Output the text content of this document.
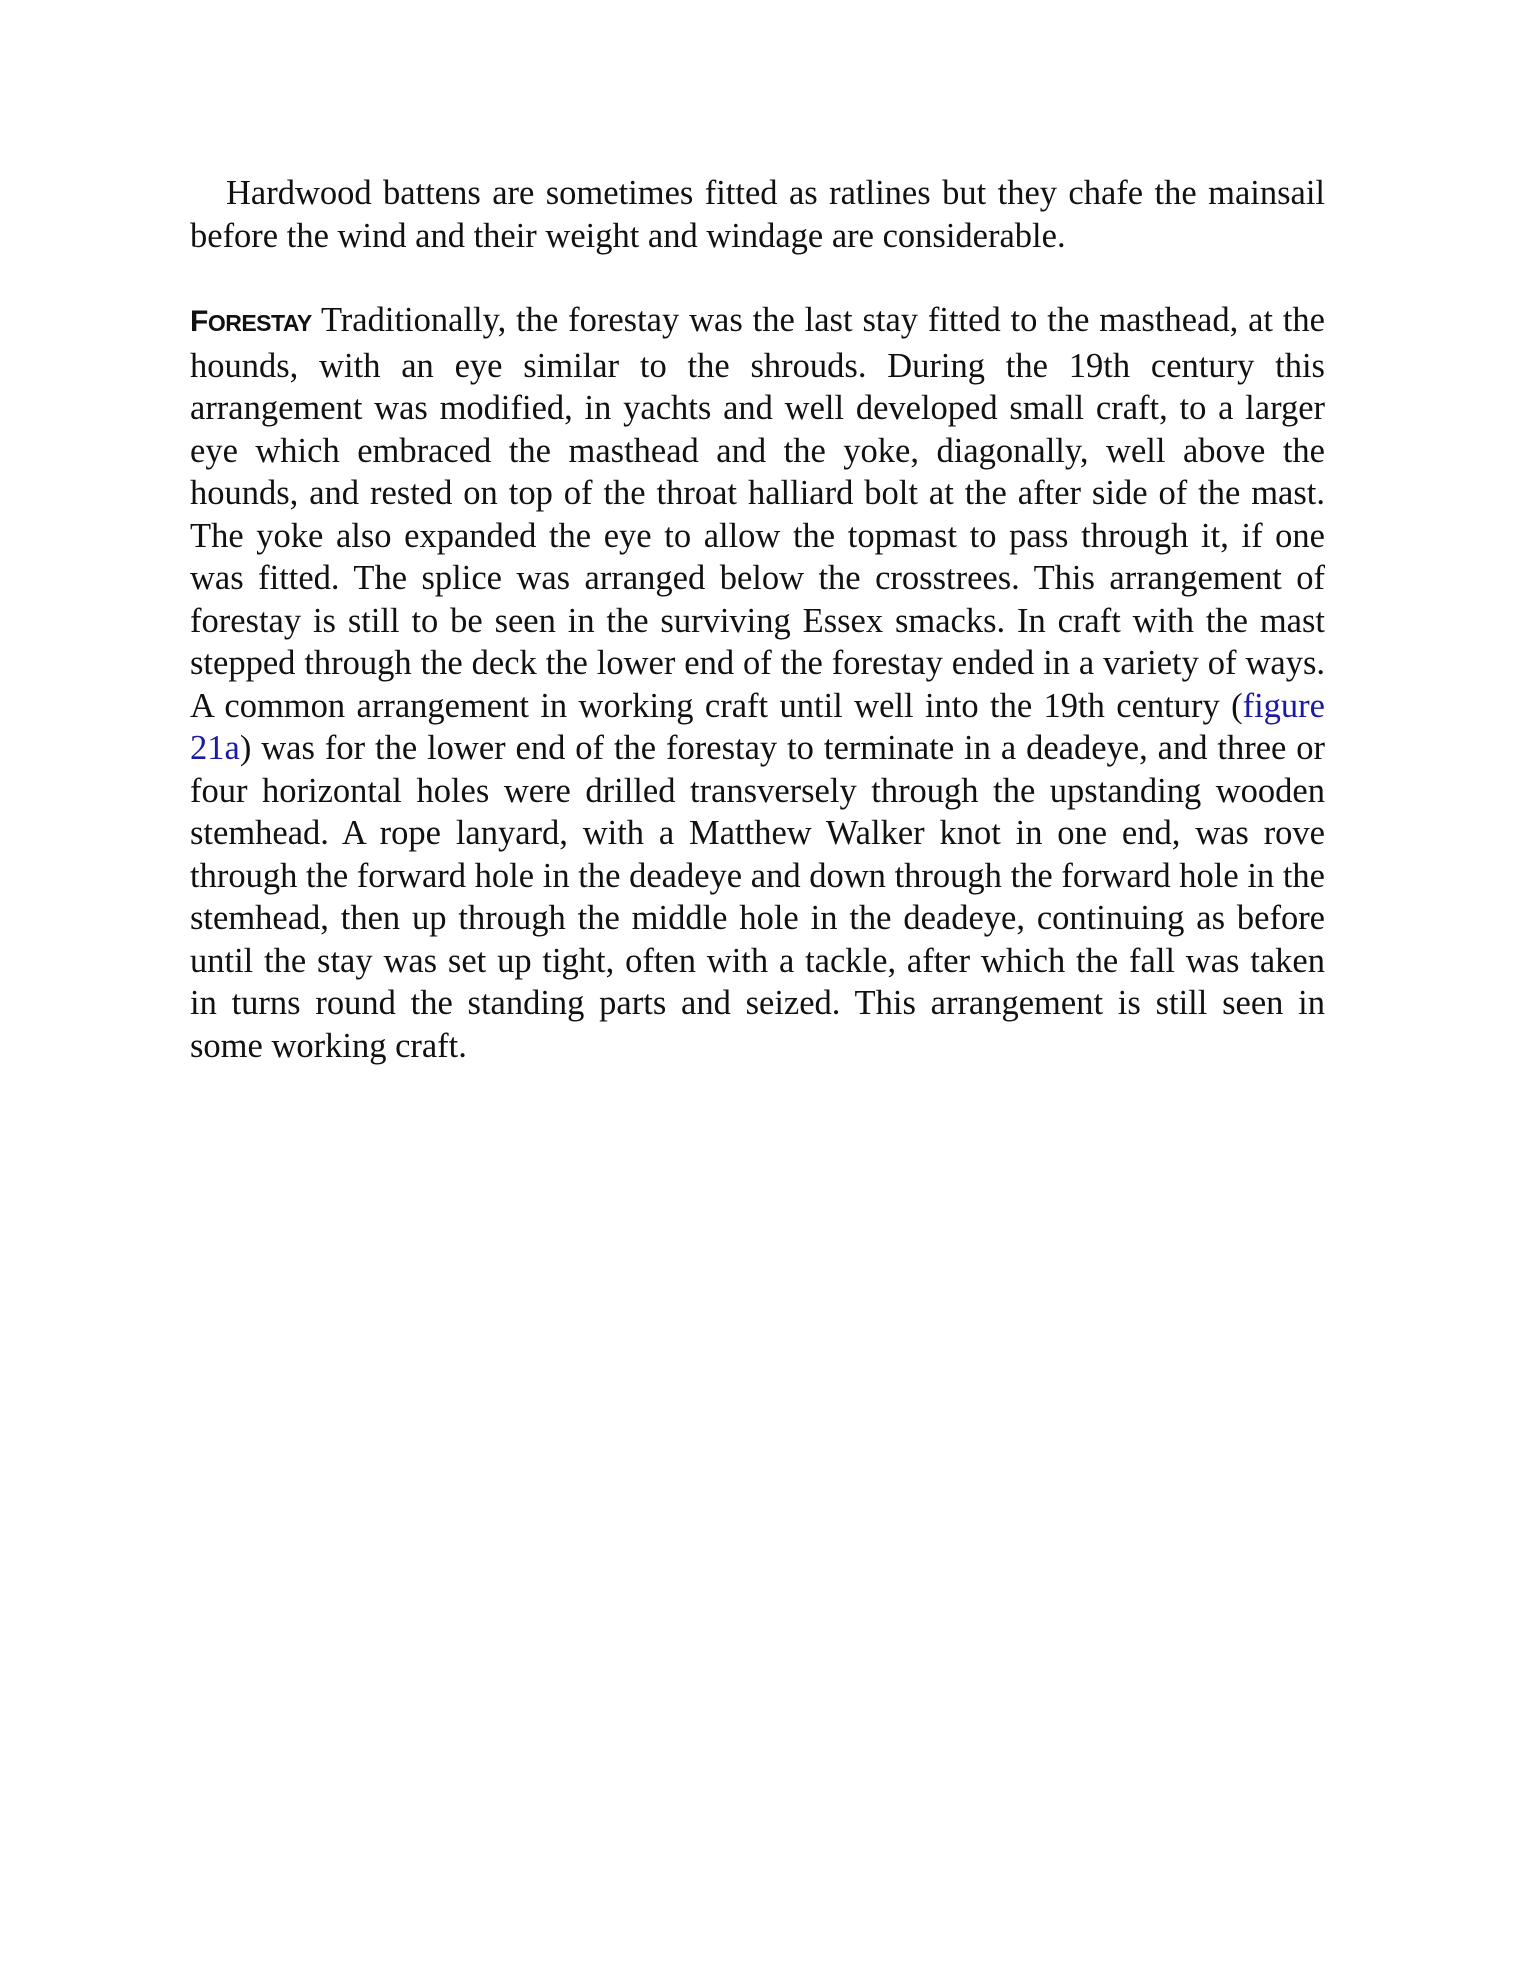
Hardwood battens are sometimes fitted as ratlines but they chafe the mainsail before the wind and their weight and windage are considerable.

FORESTAY Traditionally, the forestay was the last stay fitted to the masthead, at the hounds, with an eye similar to the shrouds. During the 19th century this arrangement was modified, in yachts and well developed small craft, to a larger eye which embraced the masthead and the yoke, diagonally, well above the hounds, and rested on top of the throat halliard bolt at the after side of the mast. The yoke also expanded the eye to allow the topmast to pass through it, if one was fitted. The splice was arranged below the crosstrees. This arrangement of forestay is still to be seen in the surviving Essex smacks. In craft with the mast stepped through the deck the lower end of the forestay ended in a variety of ways. A common arrangement in working craft until well into the 19th century (figure 21a) was for the lower end of the forestay to terminate in a deadeye, and three or four horizontal holes were drilled transversely through the upstanding wooden stemhead. A rope lanyard, with a Matthew Walker knot in one end, was rove through the forward hole in the deadeye and down through the forward hole in the stemhead, then up through the middle hole in the deadeye, continuing as before until the stay was set up tight, often with a tackle, after which the fall was taken in turns round the standing parts and seized. This arrangement is still seen in some working craft.
